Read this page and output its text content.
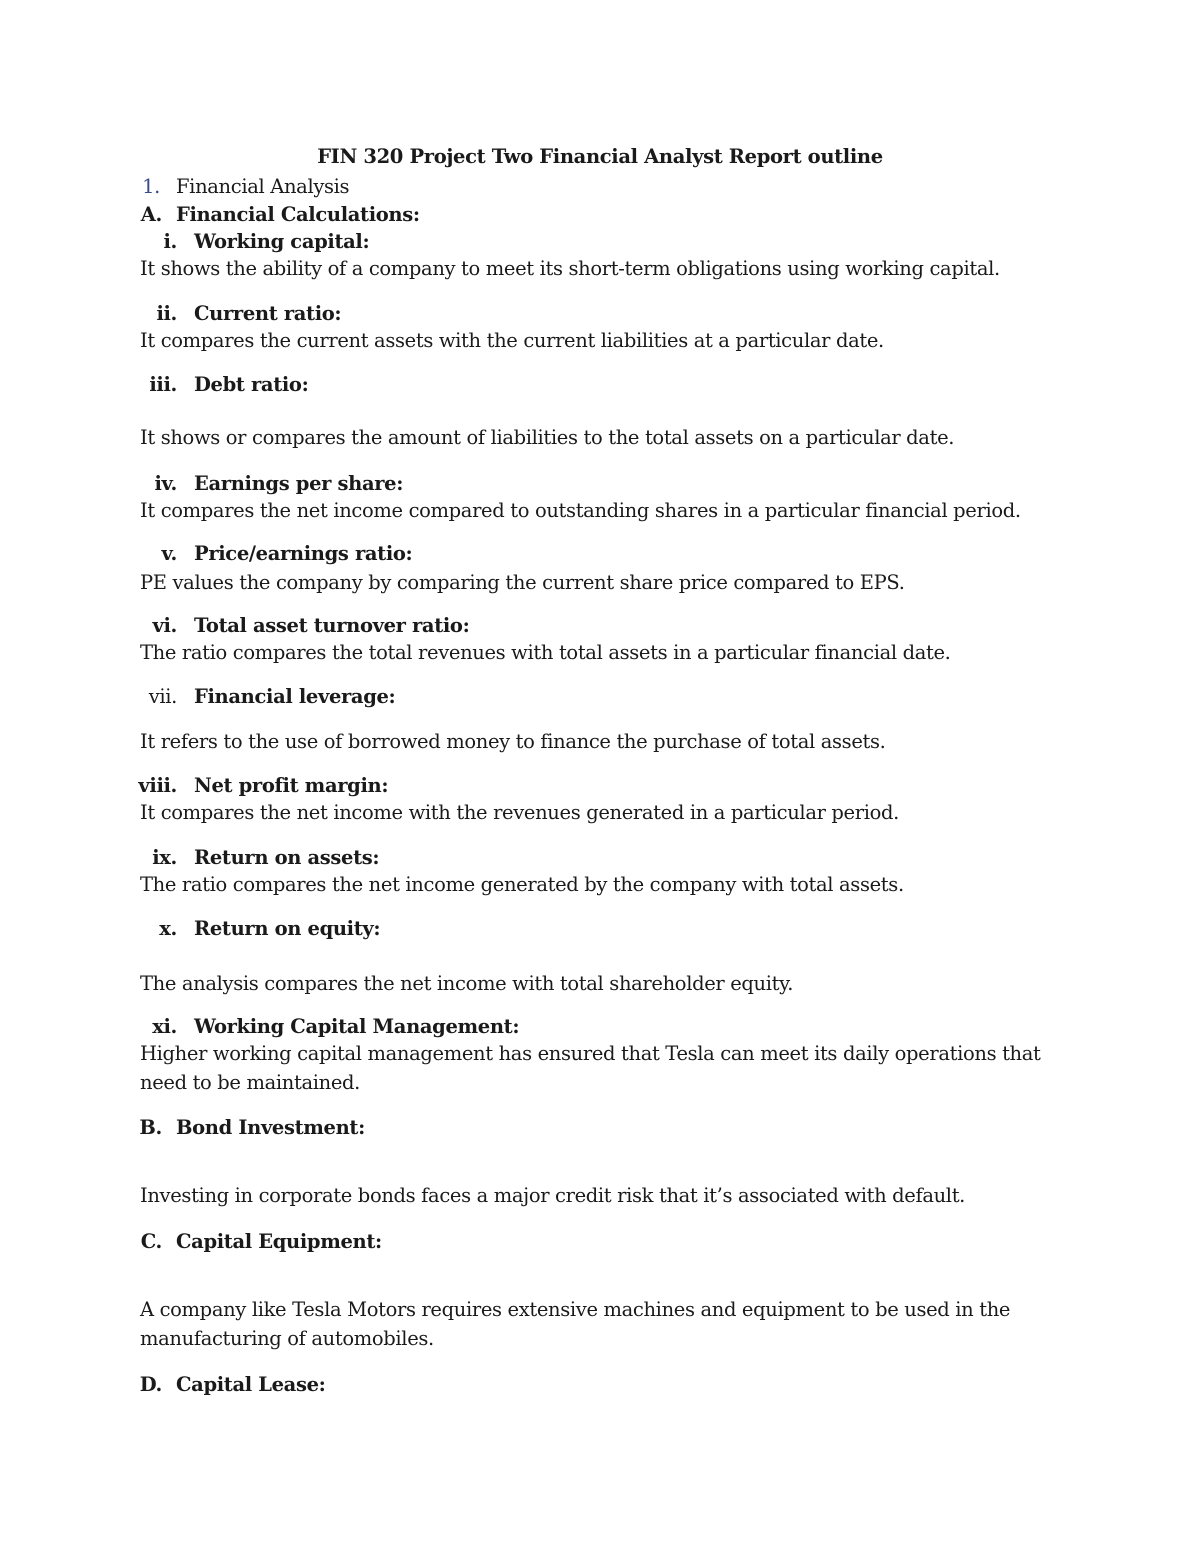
FIN 320 Project Two Financial Analyst Report outline
1. Financial Analysis
A. Financial Calculations:
i. Working capital:
It shows the ability of a company to meet its short-term obligations using working capital.
ii. Current ratio:
It compares the current assets with the current liabilities at a particular date.
iii. Debt ratio:
It shows or compares the amount of liabilities to the total assets on a particular date.
iv. Earnings per share:
It compares the net income compared to outstanding shares in a particular financial period.
v. Price/earnings ratio:
PE values the company by comparing the current share price compared to EPS.
vi. Total asset turnover ratio:
The ratio compares the total revenues with total assets in a particular financial date.
vii. Financial leverage:
It refers to the use of borrowed money to finance the purchase of total assets.
viii. Net profit margin:
It compares the net income with the revenues generated in a particular period.
ix. Return on assets:
The ratio compares the net income generated by the company with total assets.
x. Return on equity:
The analysis compares the net income with total shareholder equity.
xi. Working Capital Management:
Higher working capital management has ensured that Tesla can meet its daily operations that
need to be maintained.
B. Bond Investment:
Investing in corporate bonds faces a major credit risk that it’s associated with default.
C. Capital Equipment:
A company like Tesla Motors requires extensive machines and equipment to be used in the
manufacturing of automobiles.
D. Capital Lease:
